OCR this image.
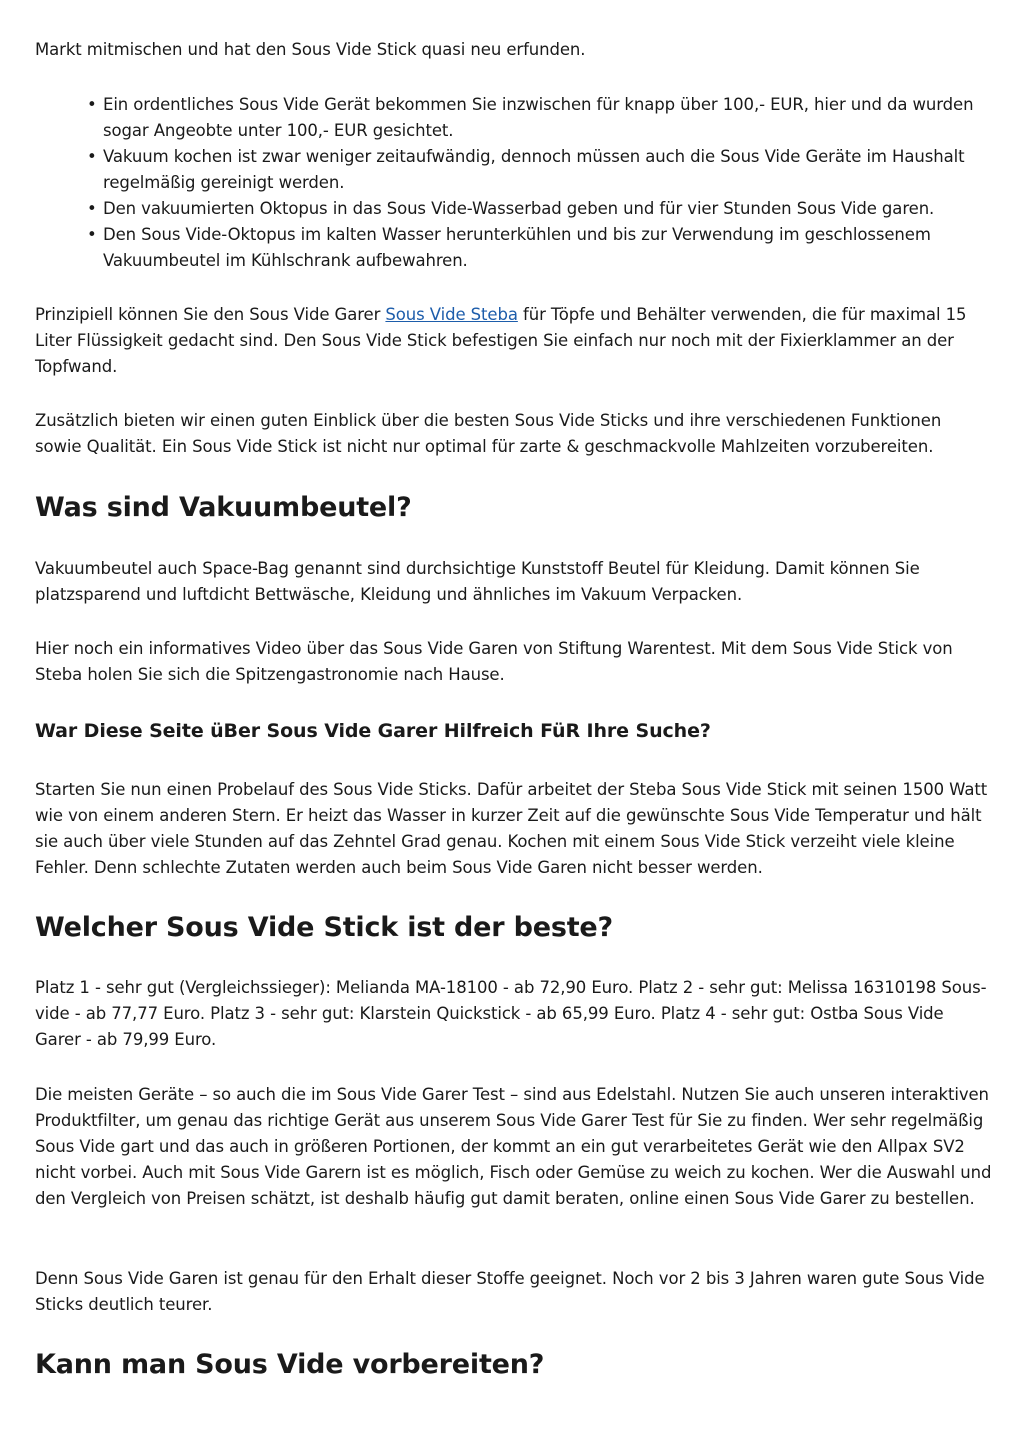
Markt mitmischen und hat den Sous Vide Stick quasi neu erfunden.

• Ein ordentliches Sous Vide Gerät bekommen Sie inzwischen für knapp über 100,- EUR, hier und da wurden sogar Angeobte unter 100,- EUR gesichtet.
• Vakuum kochen ist zwar weniger zeitaufwändig, dennoch müssen auch die Sous Vide Geräte im Haushalt regelmäßig gereinigt werden.
• Den vakuumierten Oktopus in das Sous Vide-Wasserbad geben und für vier Stunden Sous Vide garen.
• Den Sous Vide-Oktopus im kalten Wasser herunterkühlen und bis zur Verwendung im geschlossenem Vakuumbeutel im Kühlschrank aufbewahren.

Prinzipiell können Sie den Sous Vide Garer Sous Vide Steba für Töpfe und Behälter verwenden, die für maximal 15 Liter Flüssigkeit gedacht sind. Den Sous Vide Stick befestigen Sie einfach nur noch mit der Fixierklammer an der Topfwand.

Zusätzlich bieten wir einen guten Einblick über die besten Sous Vide Sticks und ihre verschiedenen Funktionen sowie Qualität. Ein Sous Vide Stick ist nicht nur optimal für zarte & geschmackvolle Mahlzeiten vorzubereiten.

Was sind Vakuumbeutel?

Vakuumbeutel auch Space-Bag genannt sind durchsichtige Kunststoff Beutel für Kleidung. Damit können Sie platzsparend und luftdicht Bettwäsche, Kleidung und ähnliches im Vakuum Verpacken.

Hier noch ein informatives Video über das Sous Vide Garen von Stiftung Warentest. Mit dem Sous Vide Stick von Steba holen Sie sich die Spitzengastronomie nach Hause.

War Diese Seite üBer Sous Vide Garer Hilfreich FüR Ihre Suche?

Starten Sie nun einen Probelauf des Sous Vide Sticks. Dafür arbeitet der Steba Sous Vide Stick mit seinen 1500 Watt wie von einem anderen Stern. Er heizt das Wasser in kurzer Zeit auf die gewünschte Sous Vide Temperatur und hält sie auch über viele Stunden auf das Zehntel Grad genau. Kochen mit einem Sous Vide Stick verzeiht viele kleine Fehler. Denn schlechte Zutaten werden auch beim Sous Vide Garen nicht besser werden.

Welcher Sous Vide Stick ist der beste?

Platz 1 - sehr gut (Vergleichssieger): Melianda MA-18100 - ab 72,90 Euro. Platz 2 - sehr gut: Melissa 16310198 Sous-vide - ab 77,77 Euro. Platz 3 - sehr gut: Klarstein Quickstick - ab 65,99 Euro. Platz 4 - sehr gut: Ostba Sous Vide Garer - ab 79,99 Euro.

Die meisten Geräte – so auch die im Sous Vide Garer Test – sind aus Edelstahl. Nutzen Sie auch unseren interaktiven Produktfilter, um genau das richtige Gerät aus unserem Sous Vide Garer Test für Sie zu finden. Wer sehr regelmäßig Sous Vide gart und das auch in größeren Portionen, der kommt an ein gut verarbeitetes Gerät wie den Allpax SV2 nicht vorbei. Auch mit Sous Vide Garern ist es möglich, Fisch oder Gemüse zu weich zu kochen. Wer die Auswahl und den Vergleich von Preisen schätzt, ist deshalb häufig gut damit beraten, online einen Sous Vide Garer zu bestellen.

Denn Sous Vide Garen ist genau für den Erhalt dieser Stoffe geeignet. Noch vor 2 bis 3 Jahren waren gute Sous Vide Sticks deutlich teurer.

Kann man Sous Vide vorbereiten?
